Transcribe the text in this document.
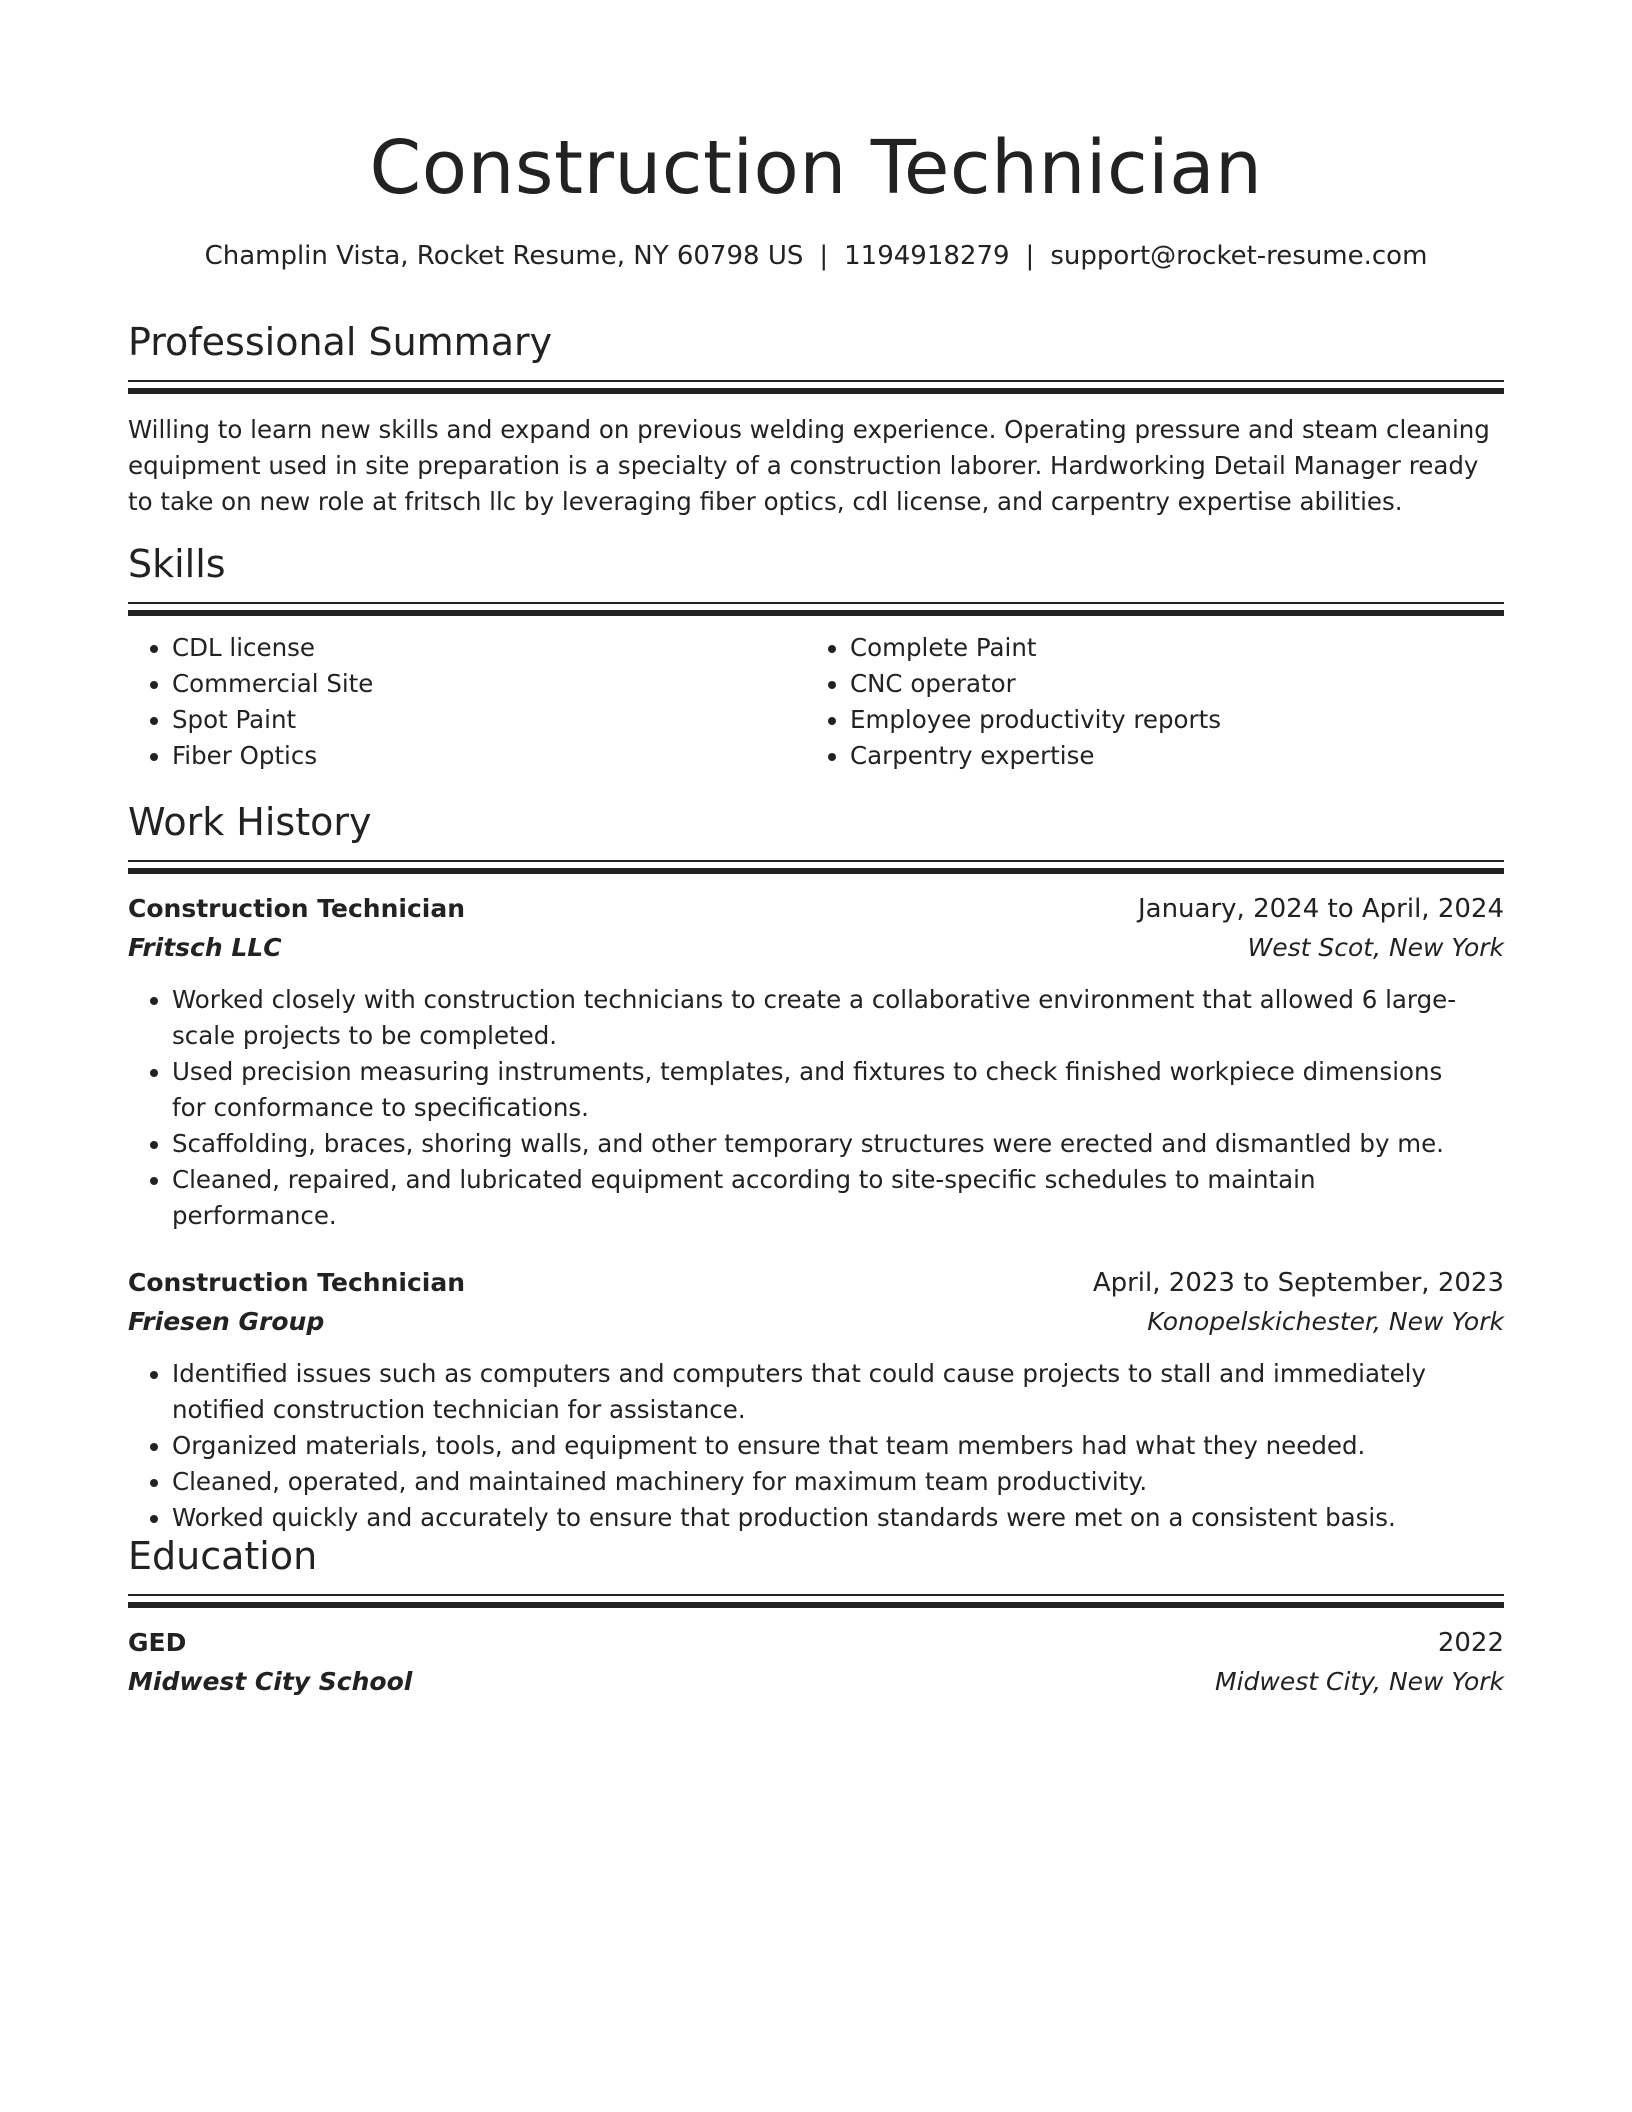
Construction Technician
Champlin Vista, Rocket Resume, NY 60798 US | 1194918279 | support@rocket-resume.com
Professional Summary
Willing to learn new skills and expand on previous welding experience. Operating pressure and steam cleaning equipment used in site preparation is a specialty of a construction laborer. Hardworking Detail Manager ready to take on new role at fritsch llc by leveraging fiber optics, cdl license, and carpentry expertise abilities.
Skills
• CDL license
• Commercial Site
• Spot Paint
• Fiber Optics
• Complete Paint
• CNC operator
• Employee productivity reports
• Carpentry expertise
Work History
Construction Technician	January, 2024 to April, 2024
Fritsch LLC	West Scot, New York
• Worked closely with construction technicians to create a collaborative environment that allowed 6 large-scale projects to be completed.
• Used precision measuring instruments, templates, and fixtures to check finished workpiece dimensions for conformance to specifications.
• Scaffolding, braces, shoring walls, and other temporary structures were erected and dismantled by me.
• Cleaned, repaired, and lubricated equipment according to site-specific schedules to maintain performance.
Construction Technician	April, 2023 to September, 2023
Friesen Group	Konopelskichester, New York
• Identified issues such as computers and computers that could cause projects to stall and immediately notified construction technician for assistance.
• Organized materials, tools, and equipment to ensure that team members had what they needed.
• Cleaned, operated, and maintained machinery for maximum team productivity.
• Worked quickly and accurately to ensure that production standards were met on a consistent basis.
Education
GED	2022
Midwest City School	Midwest City, New York
